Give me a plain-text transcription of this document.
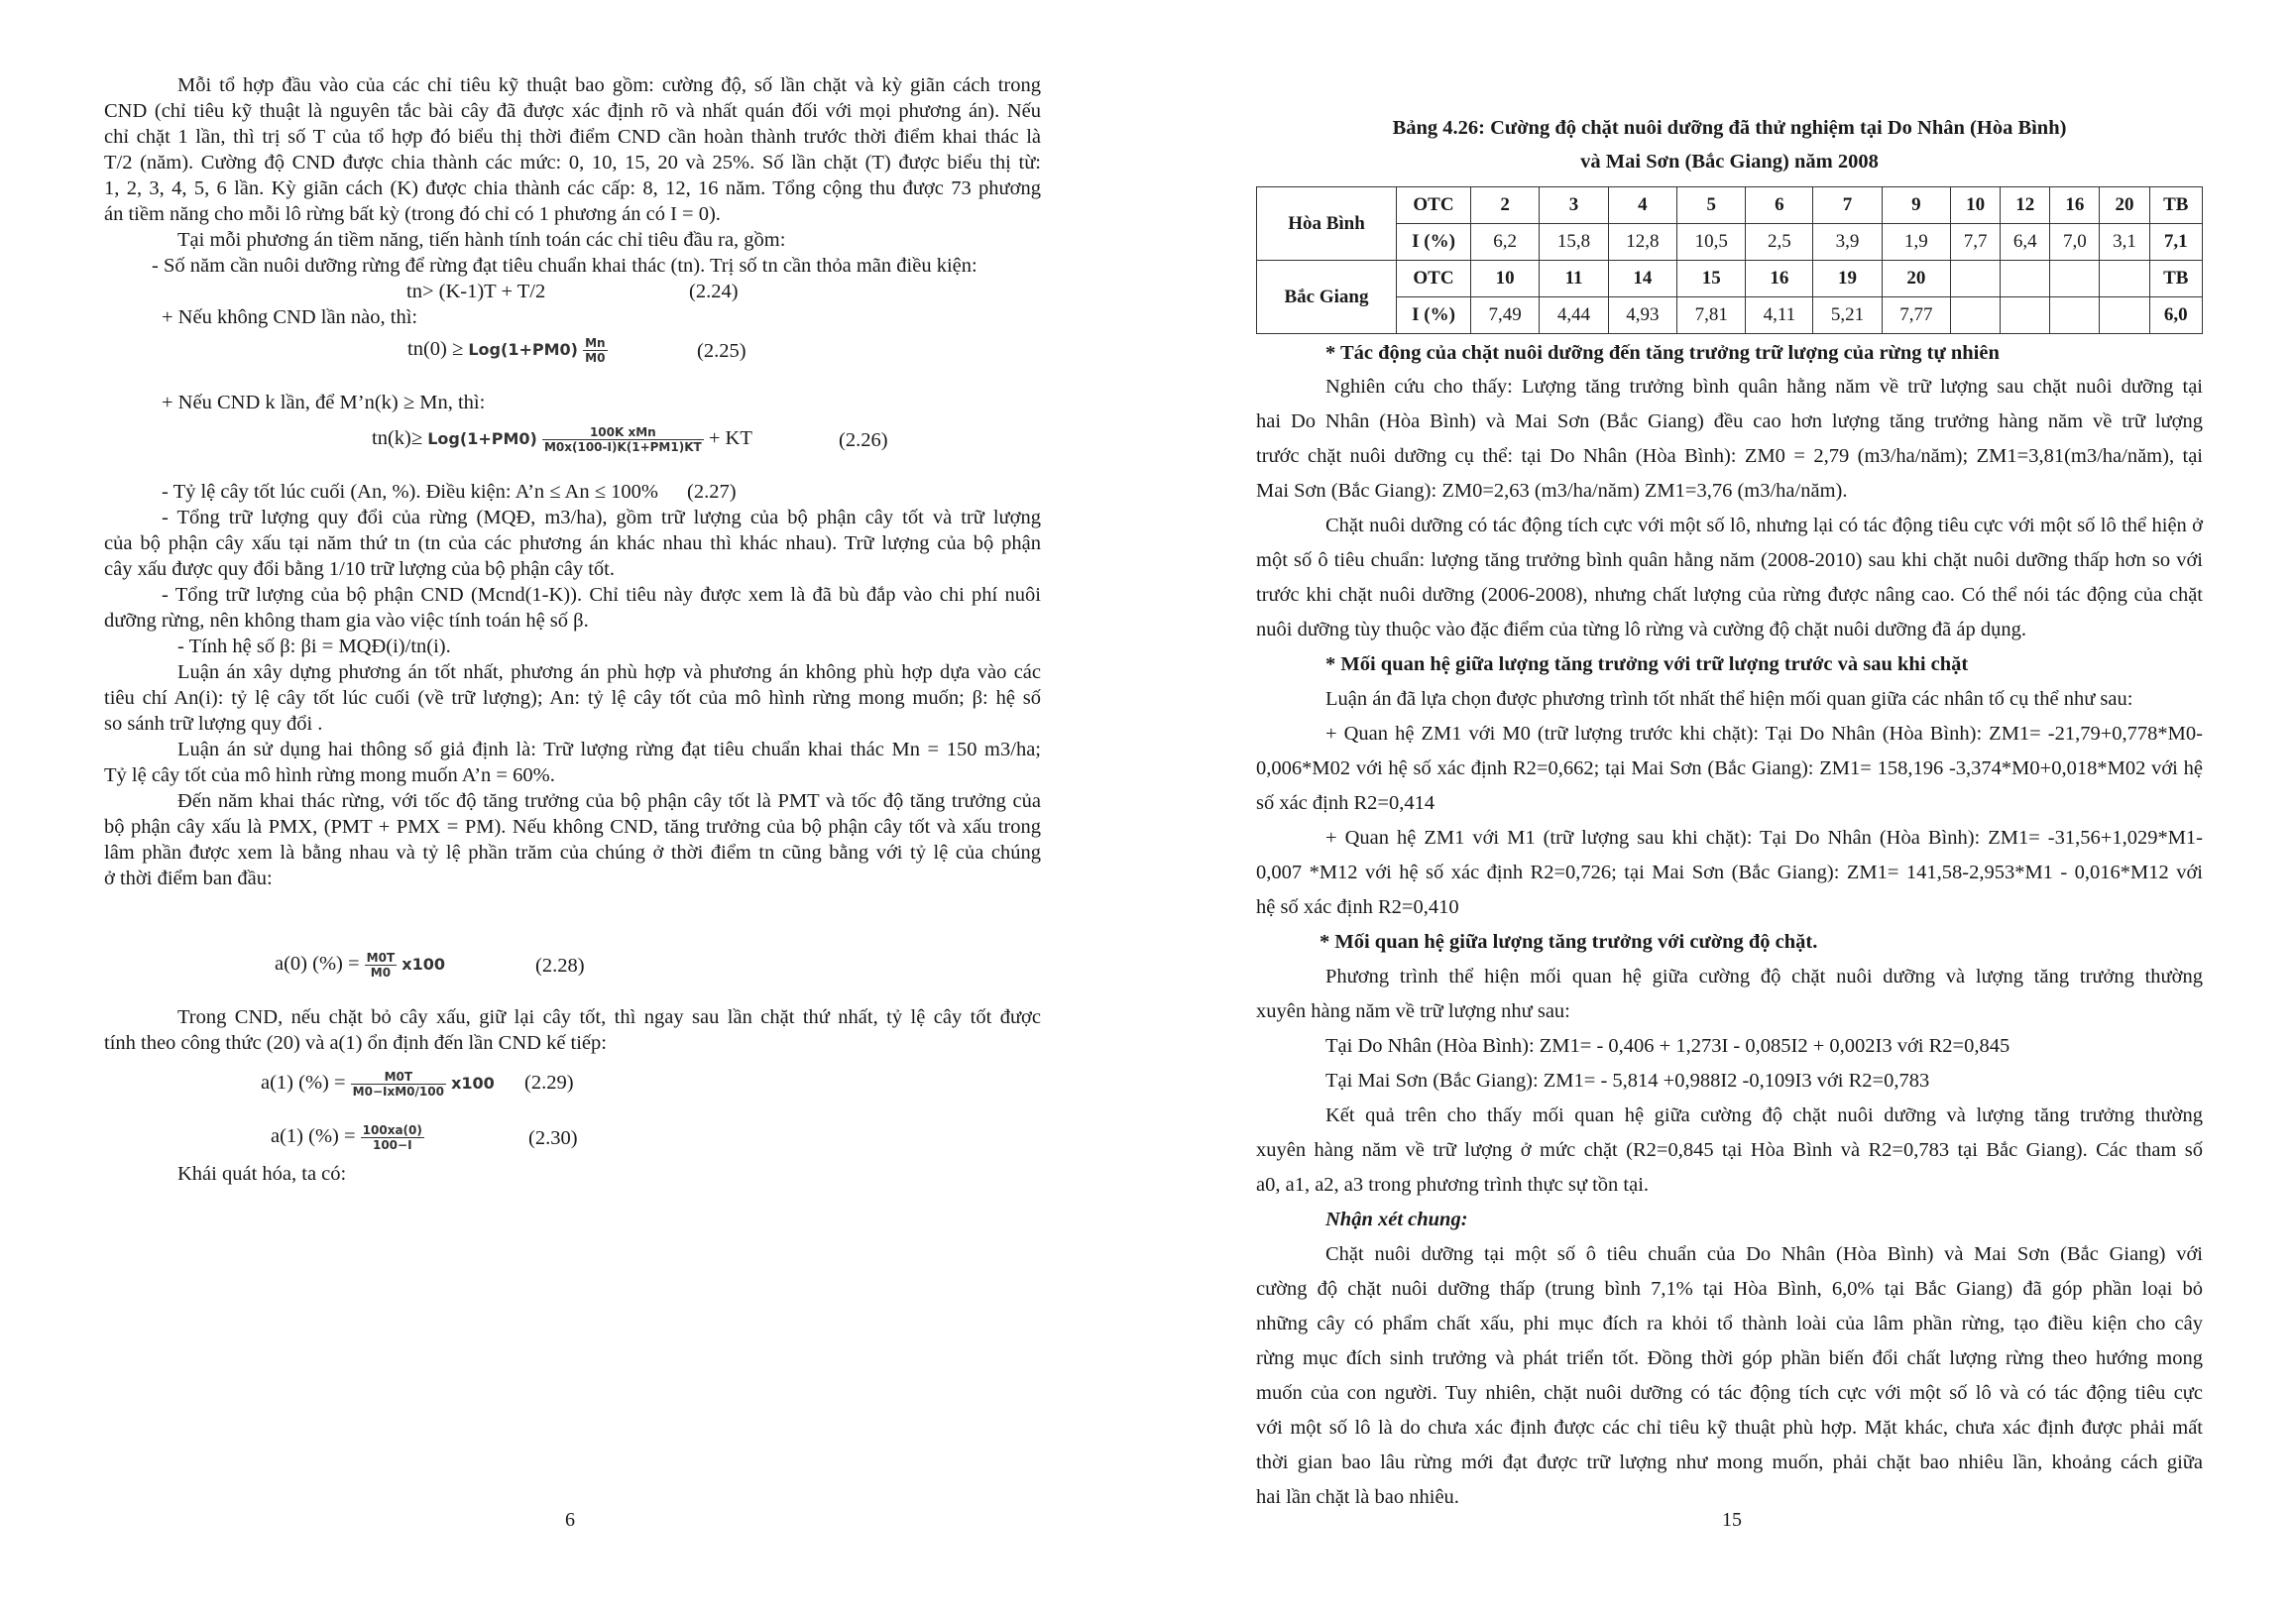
Mỗi tổ hợp đầu vào của các chỉ tiêu kỹ thuật bao gồm: cường độ, số lần chặt và kỳ giãn cách trong
CND (chỉ tiêu kỹ thuật là nguyên tắc bài cây đã được xác định rõ và nhất quán đối với mọi phương án). Nếu
chỉ chặt 1 lần, thì trị số T của tổ hợp đó biểu thị thời điểm CND cần hoàn thành trước thời điểm khai thác là
T/2 (năm). Cường độ CND được chia thành các mức: 0, 10, 15, 20 và 25%. Số lần chặt (T) được biểu thị từ:
1, 2, 3, 4, 5, 6 lần. Kỳ giãn cách (K) được chia thành các cấp: 8, 12, 16 năm. Tổng cộng thu được 73 phương
án tiềm năng cho mỗi lô rừng bất kỳ (trong đó chỉ có 1 phương án có I = 0).
Tại mỗi phương án tiềm năng, tiến hành tính toán các chỉ tiêu đầu ra, gồm:
- Số năm cần nuôi dưỡng rừng để rừng đạt tiêu chuẩn khai thác (tn). Trị số tn cần thỏa mãn điều kiện:
tn> (K-1)T + T/2	(2.24)
+ Nếu không CND lần nào, thì:
$tn(0) \ge Log(1+PM0) \frac{Mn}{M0}$	(2.25)
+ Nếu CND k lần, để M’n(k) ≥ Mn, thì:
$tn(k)\ge Log(1+PM0) \frac{\text{100K xMn}}{M0x(100-I)K(1+PM1)KT}$ + KT	(2.26)
- Tỷ lệ cây tốt lúc cuối (An, %). Điều kiện: A’n ≤ An ≤ 100%	(2.27)
- Tổng trữ lượng quy đổi của rừng (MQĐ, m3/ha), gồm trữ lượng của bộ phận cây tốt và trữ lượng
của bộ phận cây xấu tại năm thứ tn (tn của các phương án khác nhau thì khác nhau). Trữ lượng của bộ phận
cây xấu được quy đổi bằng 1/10 trữ lượng của bộ phận cây tốt.
- Tổng trữ lượng của bộ phận CND (Mcnd(1-K)). Chỉ tiêu này được xem là đã bù đắp vào chi phí nuôi
dưỡng rừng, nên không tham gia vào việc tính toán hệ số β.
- Tính hệ số β: βi = MQĐ(i)/tn(i).
Luận án xây dựng phương án tốt nhất, phương án phù hợp và phương án không phù hợp dựa vào các
tiêu chí An(i): tỷ lệ cây tốt lúc cuối (về trữ lượng); An: tỷ lệ cây tốt của mô hình rừng mong muốn; β: hệ số
so sánh trữ lượng quy đổi .
Luận án sử dụng hai thông số giả định là: Trữ lượng rừng đạt tiêu chuẩn khai thác Mn = 150 m3/ha;
Tỷ lệ cây tốt của mô hình rừng mong muốn A’n = 60%.
Đến năm khai thác rừng, với tốc độ tăng trưởng của bộ phận cây tốt là PMT và tốc độ tăng trưởng của
bộ phận cây xấu là PMX, (PMT + PMX = PM). Nếu không CND, tăng trưởng của bộ phận cây tốt và xấu trong
lâm phần được xem là bằng nhau và tỷ lệ phần trăm của chúng ở thời điểm tn cũng bằng với tỷ lệ của chúng
ở thời điểm ban đầu:
a(0) (%) = $\frac{M0T}{M0} x100$	(2.28)
Trong CND, nếu chặt bỏ cây xấu, giữ lại cây tốt, thì ngay sau lần chặt thứ nhất, tỷ lệ cây tốt được
tính theo công thức (20) và a(1) ổn định đến lần CND kế tiếp:
a(1) (%) = $\frac{M0T}{\text{M0−IxM0/100}} x100$	(2.29)
a(1) (%) = $\frac{100xa(0)}{100-I}$	(2.30)
Khái quát hóa, ta có:
6
Bảng 4.26: Cường độ chặt nuôi dưỡng đã thử nghiệm tại Do Nhân (Hòa Bình)
và Mai Sơn (Bắc Giang) năm 2008
Hòa Bình	OTC	2	3	4	5	6	7	9	10	12	16	20	TB
	I (%)	6,2	15,8	12,8	10,5	2,5	3,9	1,9	7,7	6,4	7,0	3,1	7,1
Bắc Giang	OTC	10	11	14	15	16	19	20					TB
	I (%)	7,49	4,44	4,93	7,81	4,11	5,21	7,77					6,0
* Tác động của chặt nuôi dưỡng đến tăng trưởng trữ lượng của rừng tự nhiên
Nghiên cứu cho thấy: Lượng tăng trưởng bình quân hằng năm về trữ lượng sau chặt nuôi dưỡng tại
hai Do Nhân (Hòa Bình) và Mai Sơn (Bắc Giang) đều cao hơn lượng tăng trưởng hàng năm về trữ lượng
trước chặt nuôi dưỡng cụ thể: tại Do Nhân (Hòa Bình): ZM0 = 2,79 (m3/ha/năm); ZM1=3,81(m3/ha/năm), tại
Mai Sơn (Bắc Giang): ZM0=2,63 (m3/ha/năm) ZM1=3,76 (m3/ha/năm).
Chặt nuôi dưỡng có tác động tích cực với một số lô, nhưng lại có tác động tiêu cực với một số lô thể hiện ở
một số ô tiêu chuẩn: lượng tăng trưởng bình quân hằng năm (2008-2010) sau khi chặt nuôi dưỡng thấp hơn so với
trước khi chặt nuôi dưỡng (2006-2008), nhưng chất lượng của rừng được nâng cao. Có thể nói tác động của chặt
nuôi dưỡng tùy thuộc vào đặc điểm của từng lô rừng và cường độ chặt nuôi dưỡng đã áp dụng.
* Mối quan hệ giữa lượng tăng trưởng với trữ lượng trước và sau khi chặt
Luận án đã lựa chọn được phương trình tốt nhất thể hiện mối quan giữa các nhân tố cụ thể như sau:
+ Quan hệ ZM1 với M0 (trữ lượng trước khi chặt): Tại Do Nhân (Hòa Bình): ZM1= -21,79+0,778*M0-
0,006*M02 với hệ số xác định R2=0,662; tại Mai Sơn (Bắc Giang): ZM1= 158,196 -3,374*M0+0,018*M02 với hệ
số xác định R2=0,414
+ Quan hệ ZM1 với M1 (trữ lượng sau khi chặt): Tại Do Nhân (Hòa Bình): ZM1= -31,56+1,029*M1-
0,007 *M12 với hệ số xác định R2=0,726; tại Mai Sơn (Bắc Giang): ZM1= 141,58-2,953*M1 - 0,016*M12 với
hệ số xác định R2=0,410
* Mối quan hệ giữa lượng tăng trưởng với cường độ chặt.
Phương trình thể hiện mối quan hệ giữa cường độ chặt nuôi dưỡng và lượng tăng trưởng thường
xuyên hàng năm về trữ lượng như sau:
Tại Do Nhân (Hòa Bình): ZM1= - 0,406 + 1,273I - 0,085I2 + 0,002I3 với R2=0,845
Tại Mai Sơn (Bắc Giang): ZM1= - 5,814 +0,988I2 -0,109I3 với R2=0,783
Kết quả trên cho thấy mối quan hệ giữa cường độ chặt nuôi dưỡng và lượng tăng trưởng thường
xuyên hàng năm về trữ lượng ở mức chặt (R2=0,845 tại Hòa Bình và R2=0,783 tại Bắc Giang). Các tham số
a0, a1, a2, a3 trong phương trình thực sự tồn tại.
Nhận xét chung:
Chặt nuôi dưỡng tại một số ô tiêu chuẩn của Do Nhân (Hòa Bình) và Mai Sơn (Bắc Giang) với
cường độ chặt nuôi dưỡng thấp (trung bình 7,1% tại Hòa Bình, 6,0% tại Bắc Giang) đã góp phần loại bỏ
những cây có phẩm chất xấu, phi mục đích ra khỏi tổ thành loài của lâm phần rừng, tạo điều kiện cho cây
rừng mục đích sinh trưởng và phát triển tốt. Đồng thời góp phần biến đổi chất lượng rừng theo hướng mong
muốn của con người. Tuy nhiên, chặt nuôi dưỡng có tác động tích cực với một số lô và có tác động tiêu cực
với một số lô là do chưa xác định được các chỉ tiêu kỹ thuật phù hợp. Mặt khác, chưa xác định được phải mất
thời gian bao lâu rừng mới đạt được trữ lượng như mong muốn, phải chặt bao nhiêu lần, khoảng cách giữa
hai lần chặt là bao nhiêu.
15
